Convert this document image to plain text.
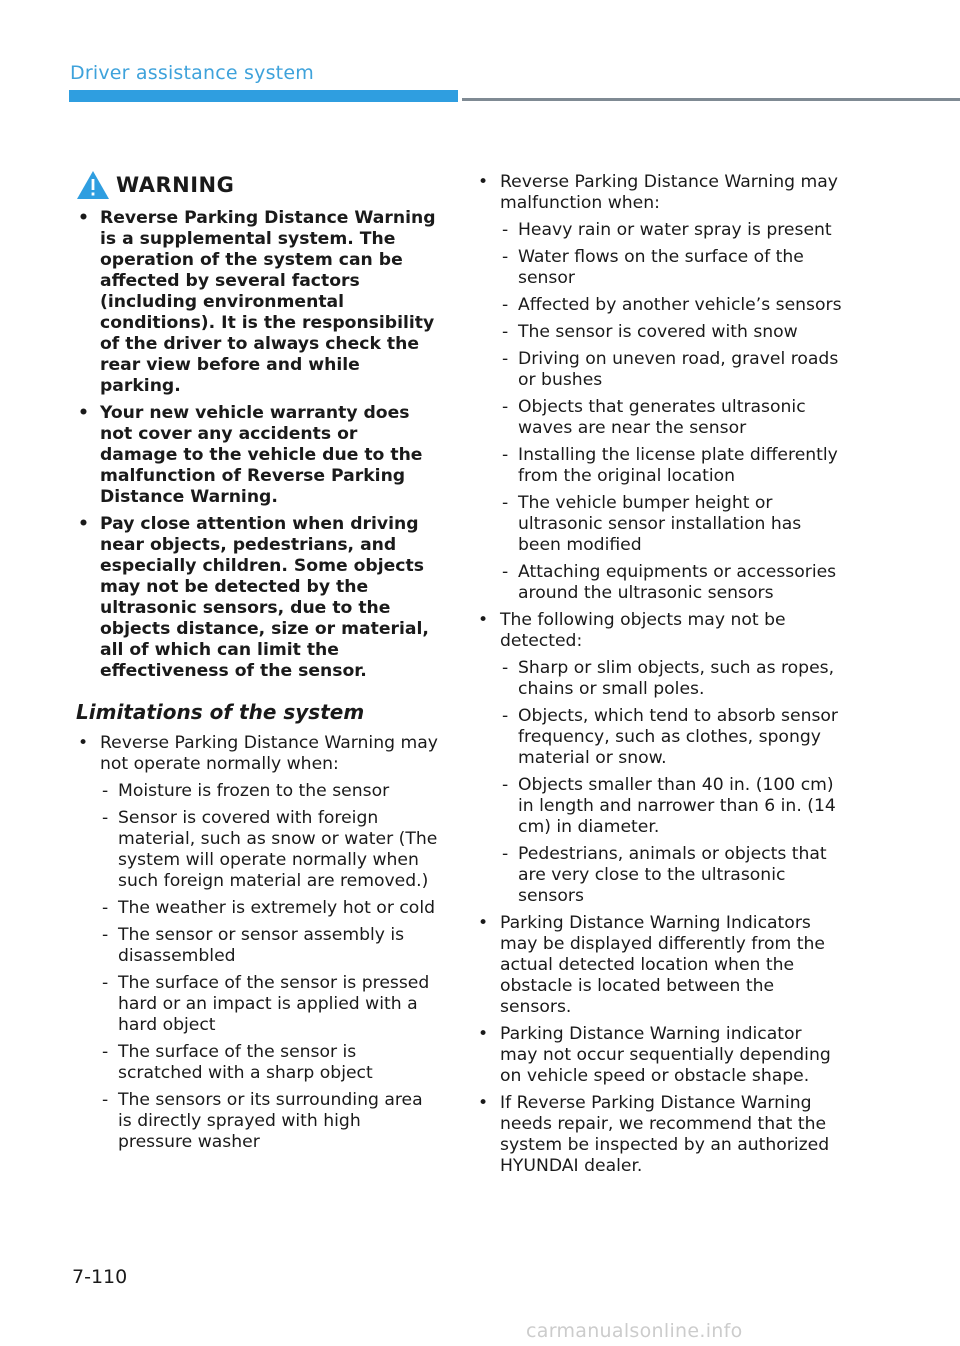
Driver assistance system
WARNING
• Reverse Parking Distance Warning is a supplemental system. The operation of the system can be affected by several factors (including environmental conditions). It is the responsibility of the driver to always check the rear view before and while parking.
• Your new vehicle warranty does not cover any accidents or damage to the vehicle due to the malfunction of Reverse Parking Distance Warning.
• Pay close attention when driving near objects, pedestrians, and especially children. Some objects may not be detected by the ultrasonic sensors, due to the objects distance, size or material, all of which can limit the effectiveness of the sensor.
Limitations of the system
• Reverse Parking Distance Warning may not operate normally when:
- Moisture is frozen to the sensor
- Sensor is covered with foreign material, such as snow or water (The system will operate normally when such foreign material are removed.)
- The weather is extremely hot or cold
- The sensor or sensor assembly is disassembled
- The surface of the sensor is pressed hard or an impact is applied with a hard object
- The surface of the sensor is scratched with a sharp object
- The sensors or its surrounding area is directly sprayed with high pressure washer
• Reverse Parking Distance Warning may malfunction when:
- Heavy rain or water spray is present
- Water flows on the surface of the sensor
- Affected by another vehicle’s sensors
- The sensor is covered with snow
- Driving on uneven road, gravel roads or bushes
- Objects that generates ultrasonic waves are near the sensor
- Installing the license plate differently from the original location
- The vehicle bumper height or ultrasonic sensor installation has been modified
- Attaching equipments or accessories around the ultrasonic sensors
• The following objects may not be detected:
- Sharp or slim objects, such as ropes, chains or small poles.
- Objects, which tend to absorb sensor frequency, such as clothes, spongy material or snow.
- Objects smaller than 40 in. (100 cm) in length and narrower than 6 in. (14 cm) in diameter.
- Pedestrians, animals or objects that are very close to the ultrasonic sensors
• Parking Distance Warning Indicators may be displayed differently from the actual detected location when the obstacle is located between the sensors.
• Parking Distance Warning indicator may not occur sequentially depending on vehicle speed or obstacle shape.
• If Reverse Parking Distance Warning needs repair, we recommend that the system be inspected by an authorized HYUNDAI dealer.
7-110
carmanualsonline.info
